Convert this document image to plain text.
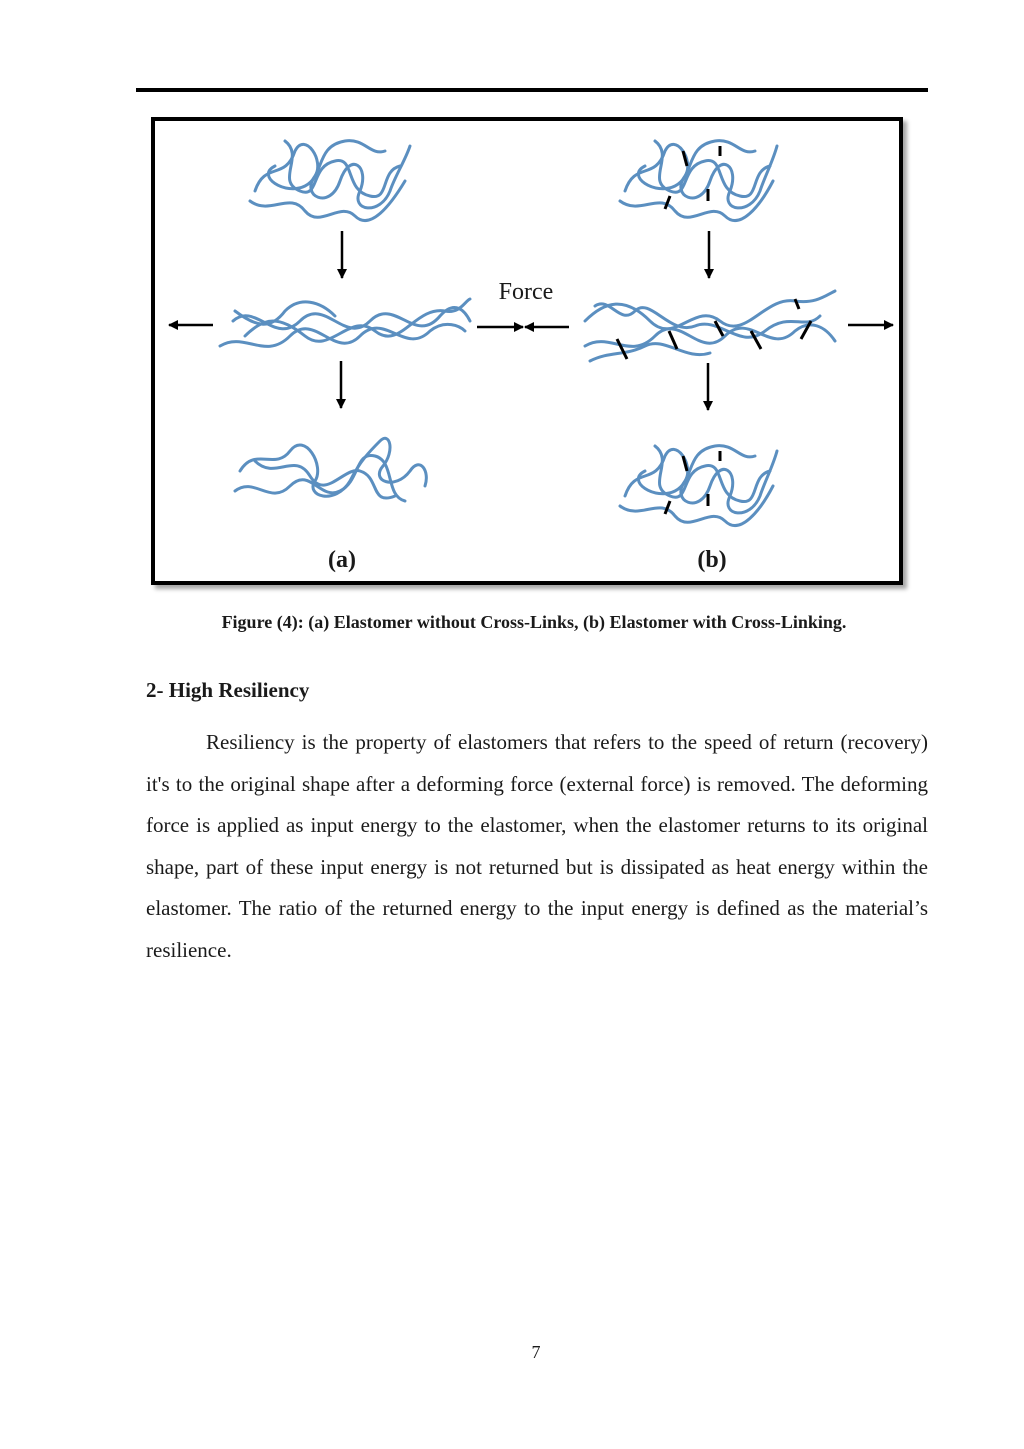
Force
(a)	(b)
Figure (4): (a) Elastomer without Cross-Links, (b) Elastomer with Cross-Linking.
2- High Resiliency
Resiliency is the property of elastomers that refers to the speed of return (recovery) it's to the original shape after a deforming force (external force) is removed. The deforming force is applied as input energy to the elastomer, when the elastomer returns to its original shape, part of these input energy is not returned but is dissipated as heat energy within the elastomer. The ratio of the returned energy to the input energy is defined as the material’s resilience.
7
